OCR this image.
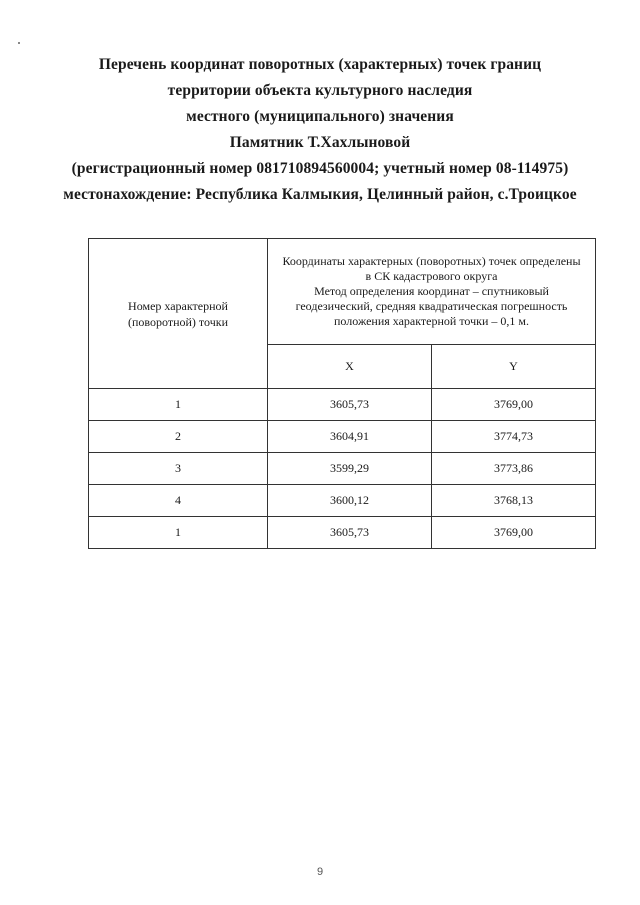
Перечень координат поворотных (характерных) точек границ
территории объекта культурного наследия
местного (муниципального) значения
Памятник Т.Хахлыновой
(регистрационный номер 081710894560004; учетный номер 08-114975)
местонахождение: Республика Калмыкия, Целинный район, с.Троицкое
Номер характерной (поворотной) точки	Координаты характерных (поворотных) точек определены
в СК кадастрового округа
Метод определения координат – спутниковый
геодезический, средняя квадратическая погрешность
положения характерной точки – 0,1 м.	

	X	Y
1	3605,73	3769,00
2	3604,91	3774,73
3	3599,29	3773,86
4	3600,12	3768,13
1	3605,73	3769,00
9
